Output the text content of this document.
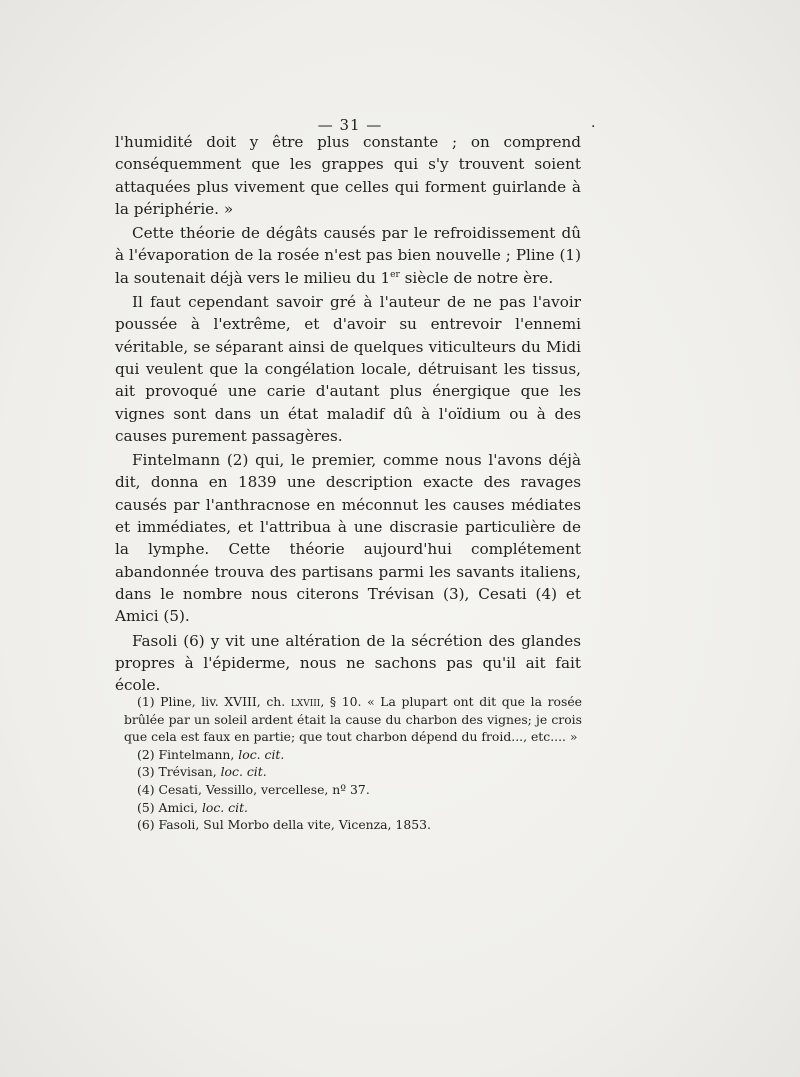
— 31 —	·

l'humidité doit y être plus constante ; on comprend conséquemment que les grappes qui s'y trouvent soient attaquées plus vivement que celles qui forment guirlande à la périphérie. »

Cette théorie de dégâts causés par le refroidissement dû à l'évaporation de la rosée n'est pas bien nouvelle ; Pline (1) la soutenait déjà vers le milieu du 1er siècle de notre ère.

Il faut cependant savoir gré à l'auteur de ne pas l'avoir poussée à l'extrême, et d'avoir su entrevoir l'ennemi véritable, se séparant ainsi de quelques viticulteurs du Midi qui veulent que la congélation locale, détruisant les tissus, ait provoqué une carie d'autant plus énergique que les vignes sont dans un état maladif dû à l'oïdium ou à des causes purement passagères.

Fintelmann (2) qui, le premier, comme nous l'avons déjà dit, donna en 1839 une description exacte des ravages causés par l'anthracnose en méconnut les causes médiates et immédiates, et l'attribua à une discrasie particulière de la lymphe. Cette théorie aujourd'hui complétement abandonnée trouva des partisans parmi les savants italiens, dans le nombre nous citerons Trévisan (3), Cesati (4) et Amici (5).

Fasoli (6) y vit une altération de la sécrétion des glandes propres à l'épiderme, nous ne sachons pas qu'il ait fait école.

(1) Pline, liv. XVIII, ch. lxviii, § 10. « La plupart ont dit que la rosée brûlée par un soleil ardent était la cause du charbon des vignes; je crois que cela est faux en partie; que tout charbon dépend du froid..., etc.... »
(2) Fintelmann, loc. cit.
(3) Trévisan, loc. cit.
(4) Cesati, Vessillo, vercellese, nº 37.
(5) Amici, loc. cit.
(6) Fasoli, Sul Morbo della vite, Vicenza, 1853.
